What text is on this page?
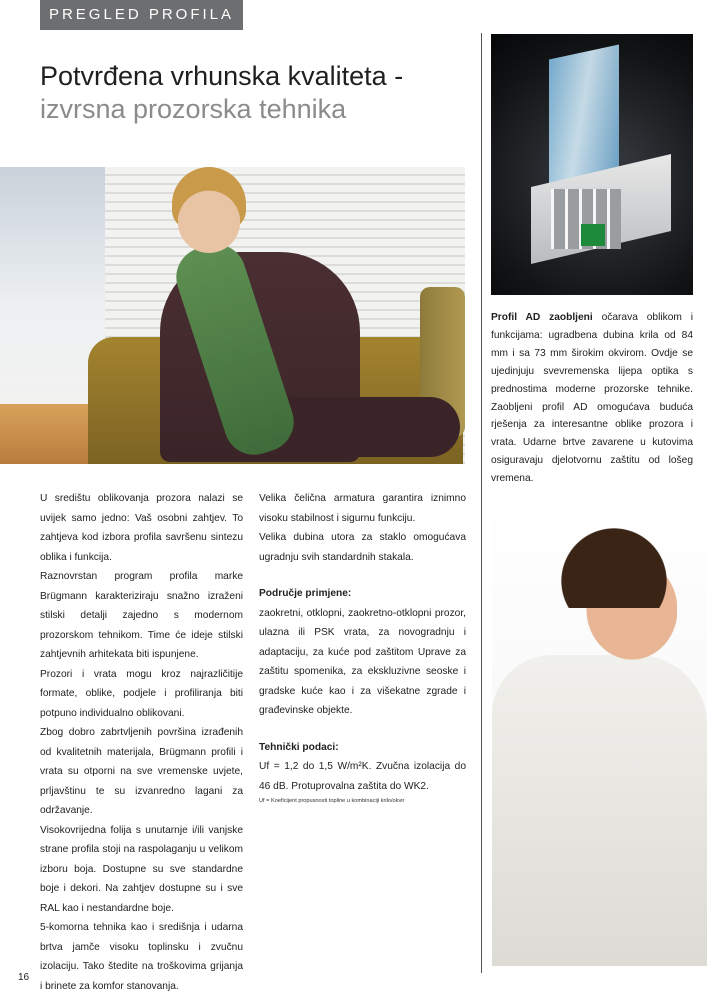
PREGLED PROFILA
Potvrđena vrhunska kvaliteta -
izvrsna prozorska tehnika

Profil AD zaobljeni očarava oblikom i funkcijama: ugradbena dubina krila od 84 mm i sa 73 mm širokim okvirom. Ovdje se ujedinjuju svevremenska lijepa optika s prednostima moderne prozorske tehnike. Zaobljeni profil AD omogućava buduća rješenja za interesantne oblike prozora i vrata. Udarne brtve zavarene u kutovima osiguravaju djelotvornu zaštitu od lošeg vremena.

U središtu oblikovanja prozora nalazi se uvijek samo jedno: Vaš osobni zahtjev. To zahtjeva kod izbora profila savršenu sintezu oblika i funkcija.

Raznovrstan program profila marke Brügmann karakteriziraju snažno izraženi stilski detalji zajedno s modernom prozorskom tehnikom. Time će ideje stilski zahtjevnih arhitekata biti ispunjene.

Prozori i vrata mogu kroz najrazličitije formate, oblike, podjele i profiliranja biti potpuno individualno oblikovani.

Zbog dobro zabrtvljenih površina izrađenih od kvalitetnih materijala, Brügmann profili i vrata su otporni na sve vremenske uvjete, prljavštinu te su izvanredno lagani za održavanje.

Visokovrijedna folija s unutarnje i/ili vanjske strane profila stoji na raspolaganju u velikom izboru boja. Dostupne su sve standardne boje i dekori. Na zahtjev dostupne su i sve RAL kao i nestandardne boje.

5-komorna tehnika kao i središnja i udarna brtva jamče visoku toplinsku i zvučnu izolaciju. Tako štedite na troškovima grijanja i brinete za komfor stanovanja.

Velika čelična armatura garantira iznimno visoku stabilnost i sigurnu funkciju.

Velika dubina utora za staklo omogućava ugradnju svih standardnih stakala.

Područje primjene:

zaokretni, otklopni, zaokretno-otklopni prozor, ulazna ili PSK vrata, za novogradnju i adaptaciju, za kuće pod zaštitom Uprave za zaštitu spomenika, za ekskluzivne seoske i gradske kuće kao i za višekatne zgrade i građevinske objekte.

Tehnički podaci:

Uf = 1,2 do 1,5 W/m²K. Zvučna izolacija do 46 dB. Protuprovalna zaštita do WK2.

Uf = Koeficijent propusnosti topline u kombinaciji krilo/okvir

16
